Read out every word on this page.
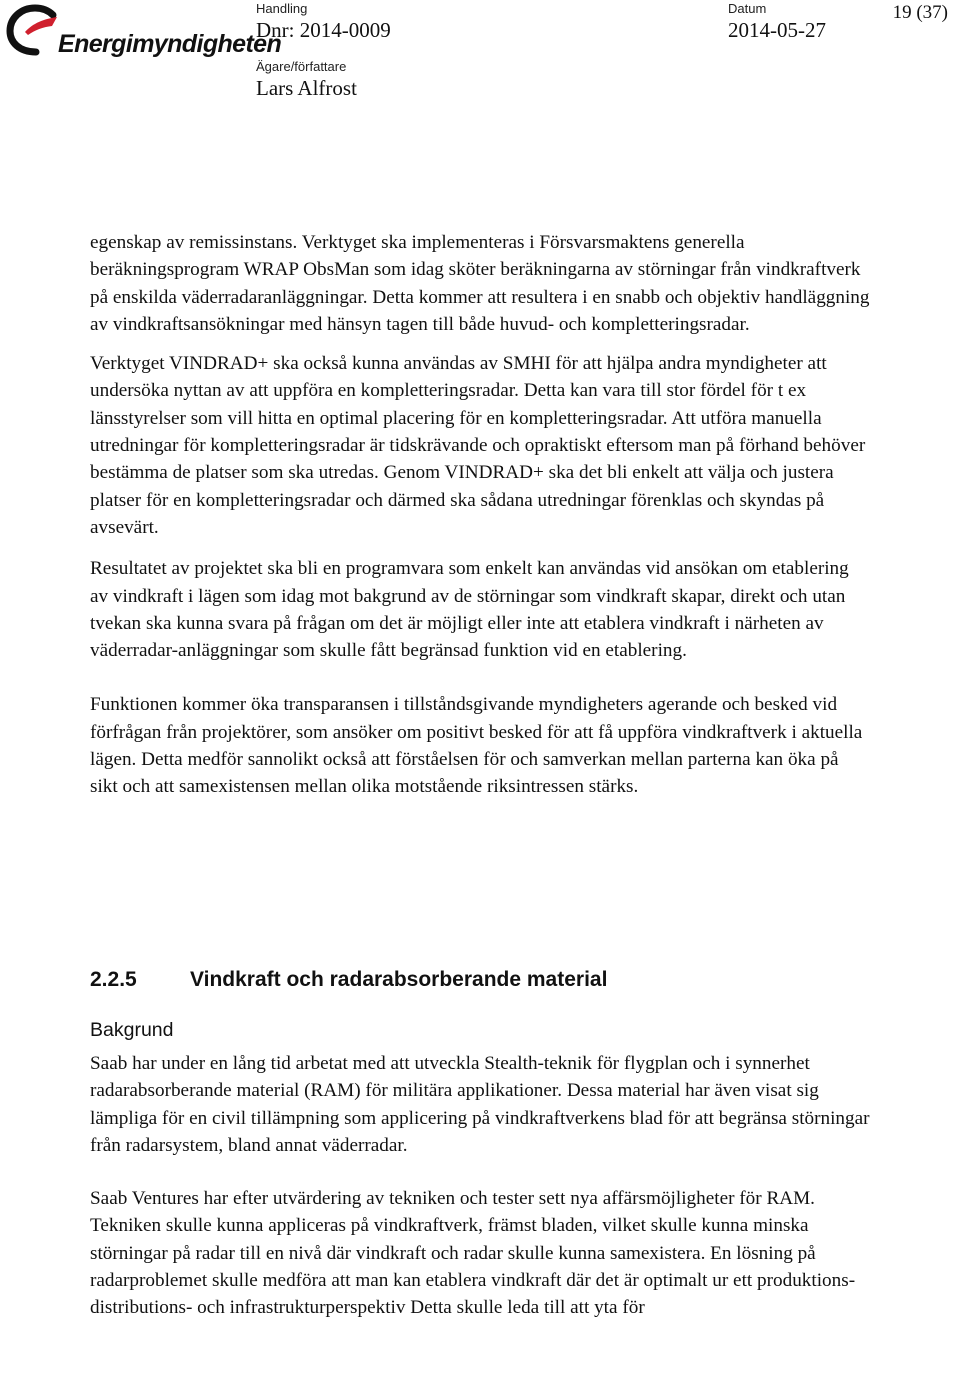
Energimyndigheten
Handling
Dnr: 2014-0009
Datum
2014-05-27
Ägare/författare
Lars Alfrost
19 (37)

egenskap av remissinstans. Verktyget ska implementeras i Försvarsmaktens generella beräkningsprogram WRAP ObsMan som idag sköter beräkningarna av störningar från vindkraftverk på enskilda väderradaranläggningar. Detta kommer att resultera i en snabb och objektiv handläggning av vindkraftsansökningar med hänsyn tagen till både huvud- och kompletteringsradar.

Verktyget VINDRAD+ ska också kunna användas av SMHI för att hjälpa andra myndigheter att undersöka nyttan av att uppföra en kompletteringsradar. Detta kan vara till stor fördel för t ex länsstyrelser som vill hitta en optimal placering för en kompletteringsradar. Att utföra manuella utredningar för kompletteringsradar är tidskrävande och opraktiskt eftersom man på förhand behöver bestämma de platser som ska utredas. Genom VINDRAD+ ska det bli enkelt att välja och justera platser för en kompletteringsradar och därmed ska sådana utredningar förenklas och skyndas på avsevärt.

Resultatet av projektet ska bli en programvara som enkelt kan användas vid ansökan om etablering av vindkraft i lägen som idag mot bakgrund av de störningar som vindkraft skapar, direkt och utan tvekan ska kunna svara på frågan om det är möjligt eller inte att etablera vindkraft i närheten av väderradar-anläggningar som skulle fått begränsad funktion vid en etablering.

Funktionen kommer öka transparansen i tillståndsgivande myndigheters agerande och besked vid förfrågan från projektörer, som ansöker om positivt besked för att få uppföra vindkraftverk i aktuella lägen. Detta medför sannolikt också att förståelsen för och samverkan mellan parterna kan öka på sikt och att samexistensen mellan olika motstående riksintressen stärks.

2.2.5	Vindkraft och radarabsorberande material
Bakgrund

Saab har under en lång tid arbetat med att utveckla Stealth-teknik för flygplan och i synnerhet radarabsorberande material (RAM) för militära applikationer. Dessa material har även visat sig lämpliga för en civil tillämpning som applicering på vindkraftverkens blad för att begränsa störningar från radarsystem, bland annat väderradar.

Saab Ventures har efter utvärdering av tekniken och tester sett nya affärsmöjligheter för RAM. Tekniken skulle kunna appliceras på vindkraftverk, främst bladen, vilket skulle kunna minska störningar på radar till en nivå där vindkraft och radar skulle kunna samexistera. En lösning på radarproblemet skulle medföra att man kan etablera vindkraft där det är optimalt ur ett produktions-distributions- och infrastrukturperspektiv Detta skulle leda till att yta för
